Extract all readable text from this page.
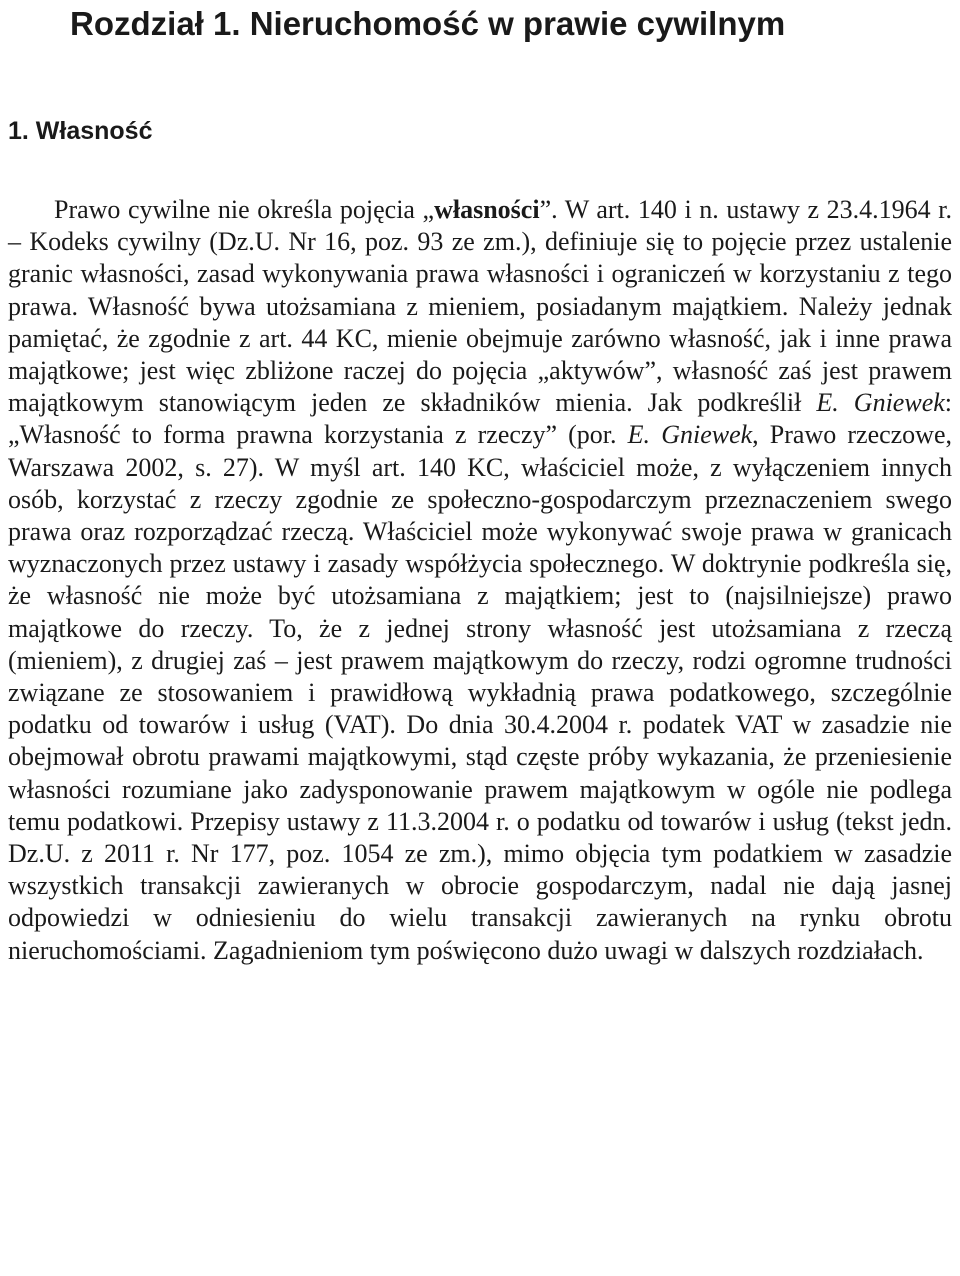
Rozdział 1. Nieruchomość w prawie cywilnym
1. Własność

Prawo cywilne nie określa pojęcia „własności”. W art. 140 i n. ustawy z 23.4.1964 r. – Kodeks cywilny (Dz.U. Nr 16, poz. 93 ze zm.), definiuje się to pojęcie przez ustalenie granic własności, zasad wykonywania prawa własności i ograniczeń w korzystaniu z tego prawa. Własność bywa utożsamiana z mieniem, posiadanym majątkiem. Należy jednak pamiętać, że zgodnie z art. 44 KC, mienie obejmuje zarówno własność, jak i inne prawa majątkowe; jest więc zbliżone raczej do pojęcia „aktywów”, własność zaś jest prawem majątkowym stanowiącym jeden ze składników mienia. Jak podkreślił E. Gniewek: „Własność to forma prawna korzystania z rzeczy” (por. E. Gniewek, Prawo rzeczowe, Warszawa 2002, s. 27). W myśl art. 140 KC, właściciel może, z wyłączeniem innych osób, korzystać z rzeczy zgodnie ze społeczno-gospodarczym przeznaczeniem swego prawa oraz rozporządzać rzeczą. Właściciel może wykonywać swoje prawa w granicach wyznaczonych przez ustawy i zasady współżycia społecznego. W doktrynie podkreśla się, że własność nie może być utożsamiana z majątkiem; jest to (najsilniejsze) prawo majątkowe do rzeczy. To, że z jednej strony własność jest utożsamiana z rzeczą (mieniem), z drugiej zaś – jest prawem majątkowym do rzeczy, rodzi ogromne trudności związane ze stosowaniem i prawidłową wykładnią prawa podatkowego, szczególnie podatku od towarów i usług (VAT). Do dnia 30.4.2004 r. podatek VAT w zasadzie nie obejmował obrotu prawami majątkowymi, stąd częste próby wykazania, że przeniesienie własności rozumiane jako zadysponowanie prawem majątkowym w ogóle nie podlega temu podatkowi. Przepisy ustawy z 11.3.2004 r. o podatku od towarów i usług (tekst jedn. Dz.U. z 2011 r. Nr 177, poz. 1054 ze zm.), mimo objęcia tym podatkiem w zasadzie wszystkich transakcji zawieranych w obrocie gospodarczym, nadal nie dają jasnej odpowiedzi w odniesieniu do wielu transakcji zawieranych na rynku obrotu nieruchomościami. Zagadnieniom tym poświęcono dużo uwagi w dalszych rozdziałach.
